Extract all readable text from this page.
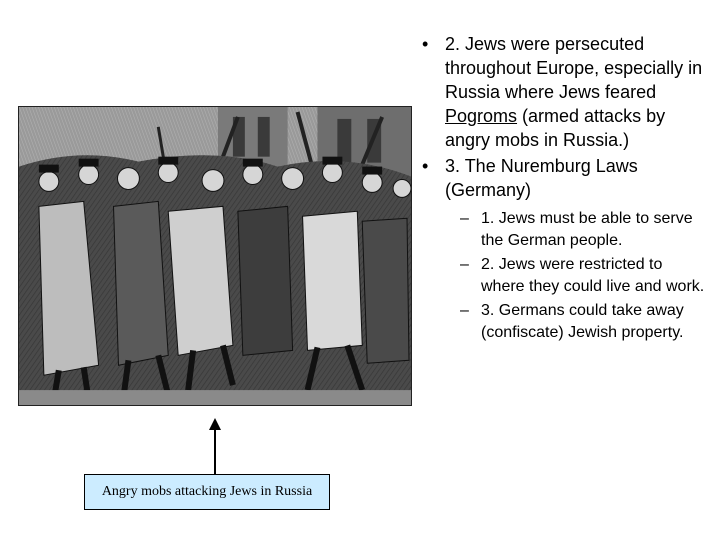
Angry mobs attacking Jews in Russia
• 2. Jews were persecuted throughout Europe, especially in Russia where Jews feared Pogroms (armed attacks by angry mobs in Russia.)
• 3. The Nuremburg Laws (Germany)
– 1. Jews must be able to serve the German people.
– 2. Jews were restricted to where they could live and work.
– 3. Germans could take away (confiscate) Jewish property.
